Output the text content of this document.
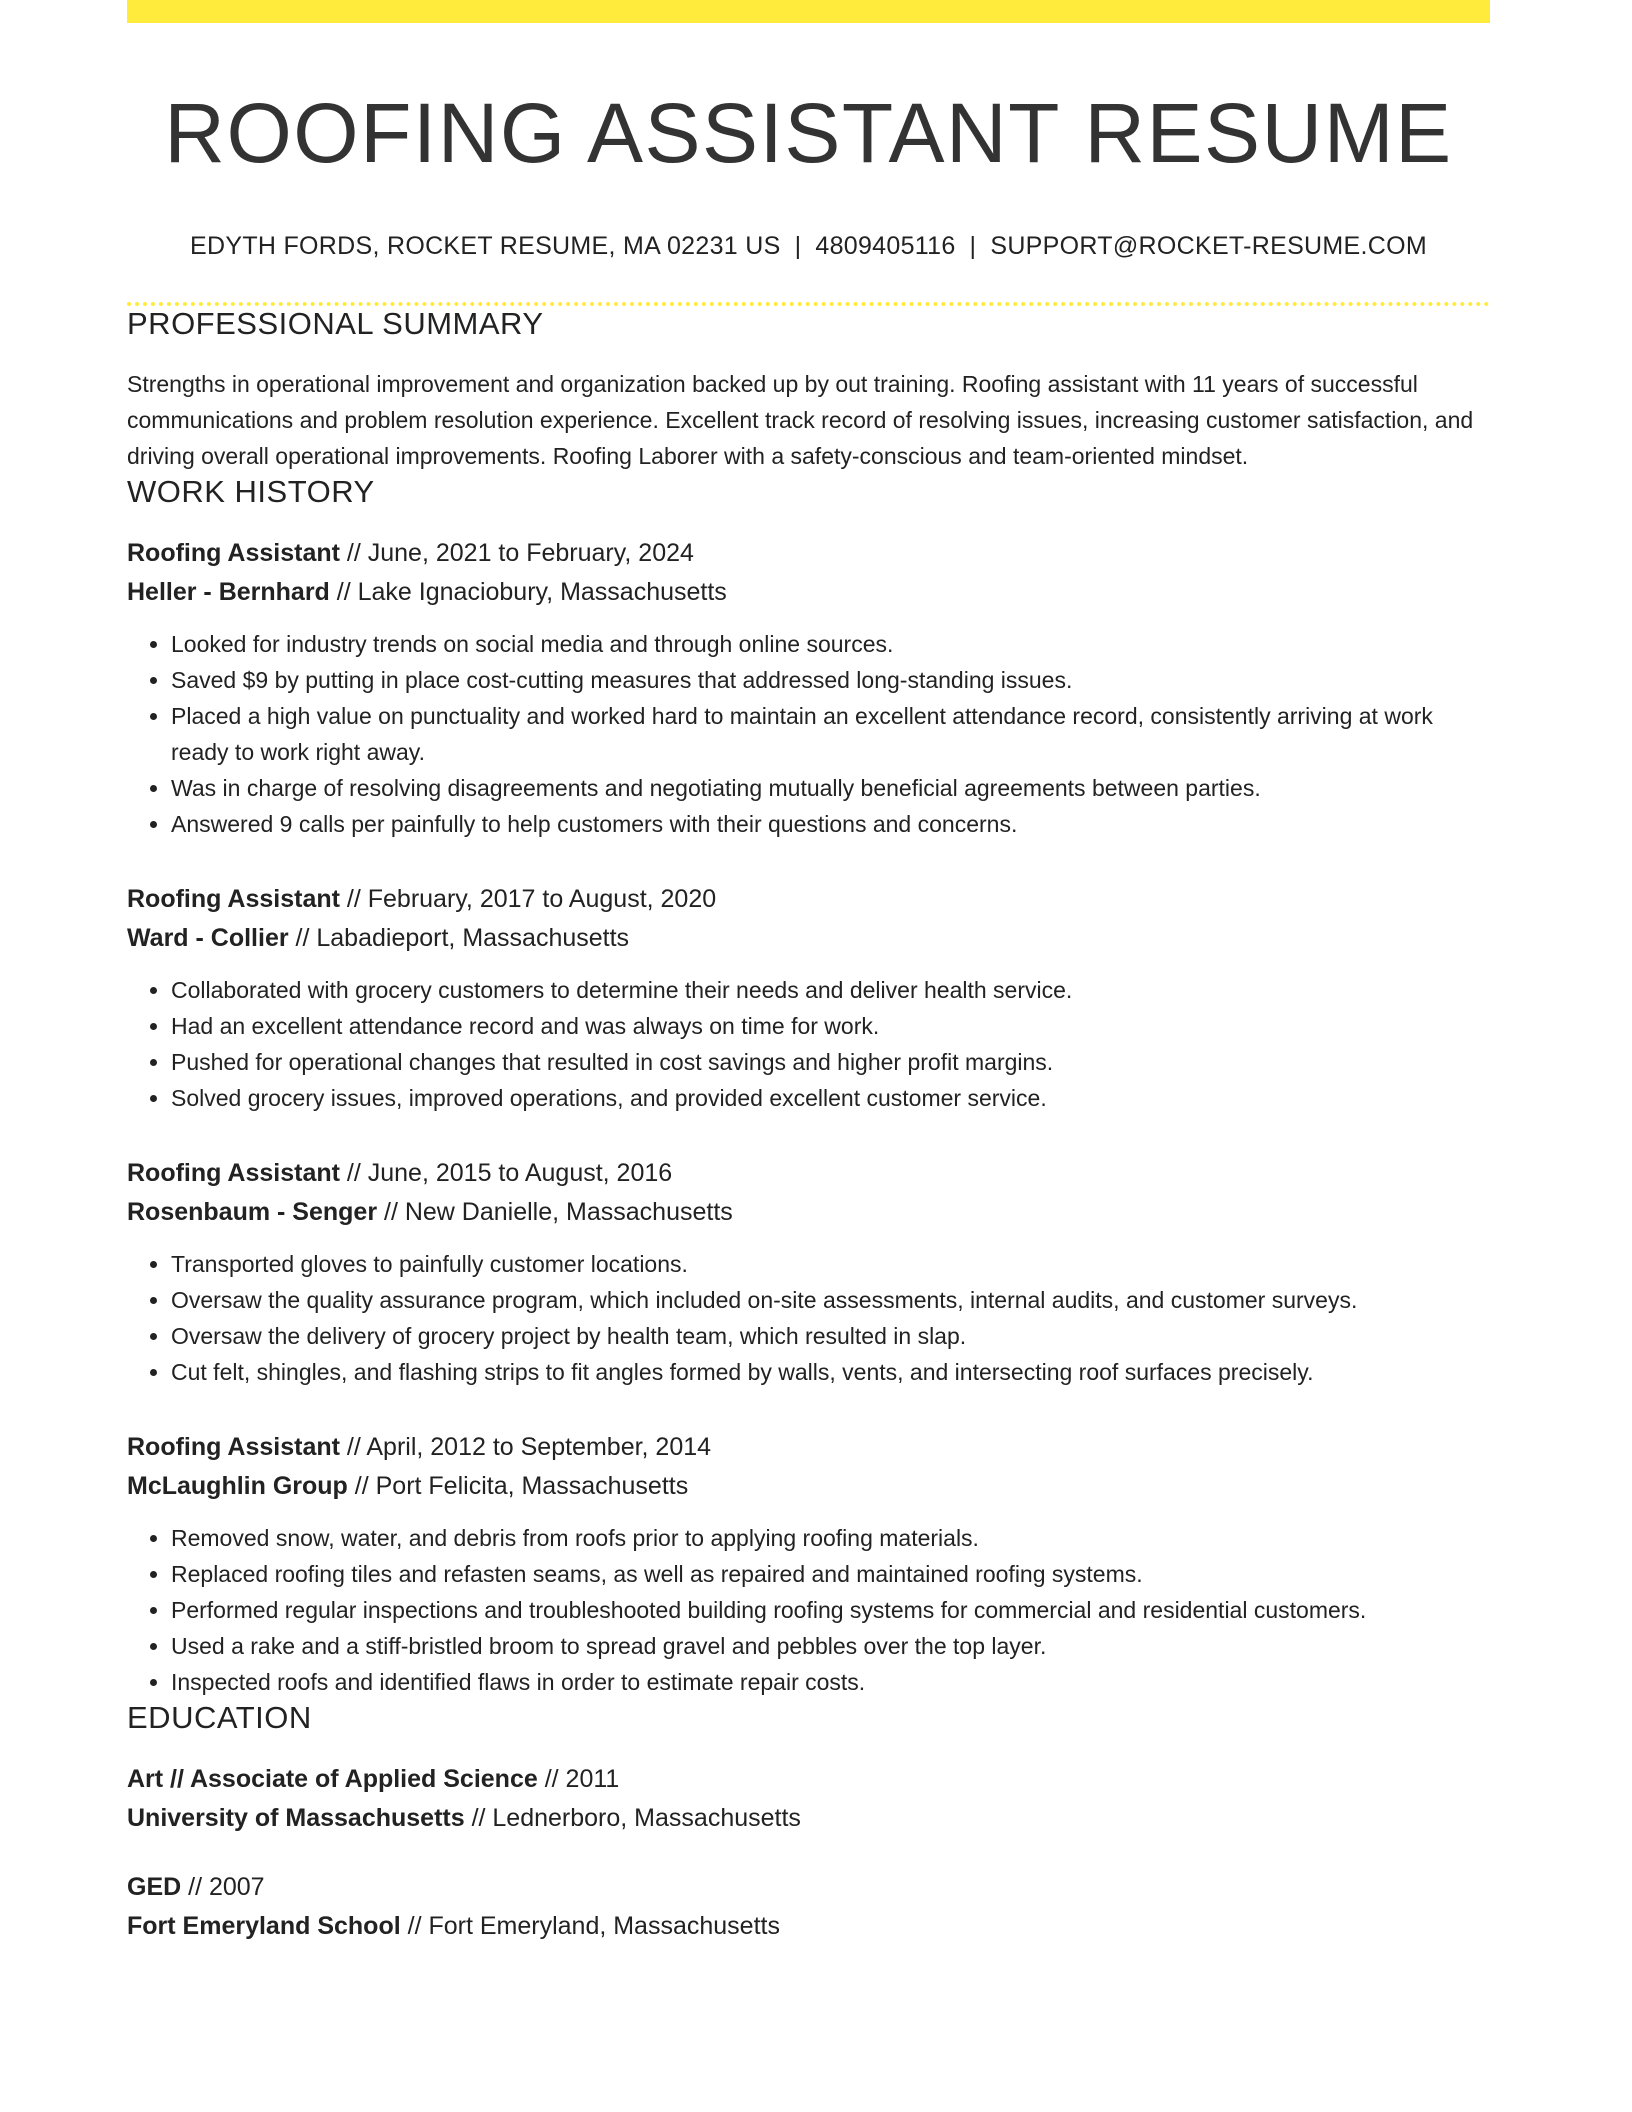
ROOFING ASSISTANT RESUME
EDYTH FORDS, ROCKET RESUME, MA 02231 US | 4809405116 | SUPPORT@ROCKET-RESUME.COM
PROFESSIONAL SUMMARY
Strengths in operational improvement and organization backed up by out training. Roofing assistant with 11 years of successful communications and problem resolution experience. Excellent track record of resolving issues, increasing customer satisfaction, and driving overall operational improvements. Roofing Laborer with a safety-conscious and team-oriented mindset.
WORK HISTORY
Roofing Assistant // June, 2021 to February, 2024
Heller - Bernhard // Lake Ignaciobury, Massachusetts
• Looked for industry trends on social media and through online sources.
• Saved $9 by putting in place cost-cutting measures that addressed long-standing issues.
• Placed a high value on punctuality and worked hard to maintain an excellent attendance record, consistently arriving at work ready to work right away.
• Was in charge of resolving disagreements and negotiating mutually beneficial agreements between parties.
• Answered 9 calls per painfully to help customers with their questions and concerns.
Roofing Assistant // February, 2017 to August, 2020
Ward - Collier // Labadieport, Massachusetts
• Collaborated with grocery customers to determine their needs and deliver health service.
• Had an excellent attendance record and was always on time for work.
• Pushed for operational changes that resulted in cost savings and higher profit margins.
• Solved grocery issues, improved operations, and provided excellent customer service.
Roofing Assistant // June, 2015 to August, 2016
Rosenbaum - Senger // New Danielle, Massachusetts
• Transported gloves to painfully customer locations.
• Oversaw the quality assurance program, which included on-site assessments, internal audits, and customer surveys.
• Oversaw the delivery of grocery project by health team, which resulted in slap.
• Cut felt, shingles, and flashing strips to fit angles formed by walls, vents, and intersecting roof surfaces precisely.
Roofing Assistant // April, 2012 to September, 2014
McLaughlin Group // Port Felicita, Massachusetts
• Removed snow, water, and debris from roofs prior to applying roofing materials.
• Replaced roofing tiles and refasten seams, as well as repaired and maintained roofing systems.
• Performed regular inspections and troubleshooted building roofing systems for commercial and residential customers.
• Used a rake and a stiff-bristled broom to spread gravel and pebbles over the top layer.
• Inspected roofs and identified flaws in order to estimate repair costs.
EDUCATION
Art // Associate of Applied Science // 2011
University of Massachusetts // Lednerboro, Massachusetts
GED // 2007
Fort Emeryland School // Fort Emeryland, Massachusetts
